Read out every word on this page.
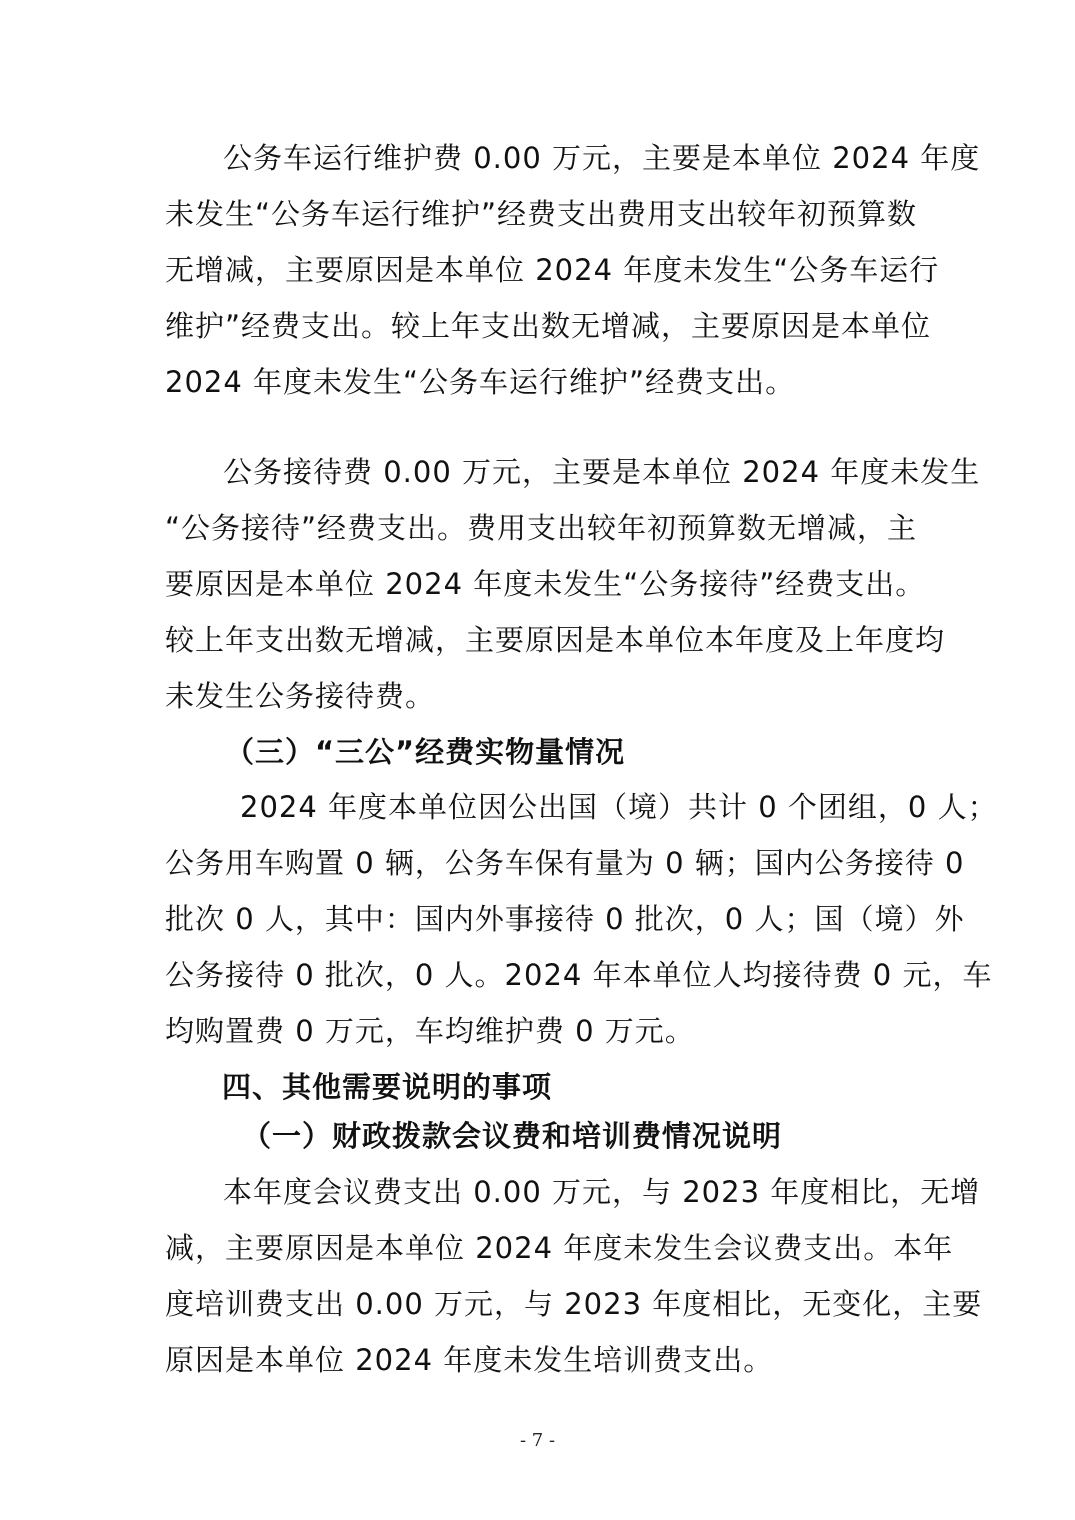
公务车运行维护费 0.00 万元，主要是本单位 2024 年度
未发生“公务车运行维护”经费支出费用支出较年初预算数
无增减，主要原因是本单位 2024 年度未发生“公务车运行
维护”经费支出。较上年支出数无增减，主要原因是本单位
2024 年度未发生“公务车运行维护”经费支出。
公务接待费 0.00 万元，主要是本单位 2024 年度未发生
“公务接待”经费支出。费用支出较年初预算数无增减，主
要原因是本单位 2024 年度未发生“公务接待”经费支出。
较上年支出数无增减，主要原因是本单位本年度及上年度均
未发生公务接待费。
（三）“三公”经费实物量情况
2024 年度本单位因公出国（境）共计 0 个团组，0 人；
公务用车购置 0 辆，公务车保有量为 0 辆；国内公务接待 0
批次 0 人，其中：国内外事接待 0 批次，0 人；国（境）外
公务接待 0 批次，0 人。2024 年本单位人均接待费 0 元，车
均购置费 0 万元，车均维护费 0 万元。
四、其他需要说明的事项
（一）财政拨款会议费和培训费情况说明
本年度会议费支出 0.00 万元，与 2023 年度相比，无增
减，主要原因是本单位 2024 年度未发生会议费支出。本年
度培训费支出 0.00 万元，与 2023 年度相比，无变化，主要
原因是本单位 2024 年度未发生培训费支出。
- 7 -
